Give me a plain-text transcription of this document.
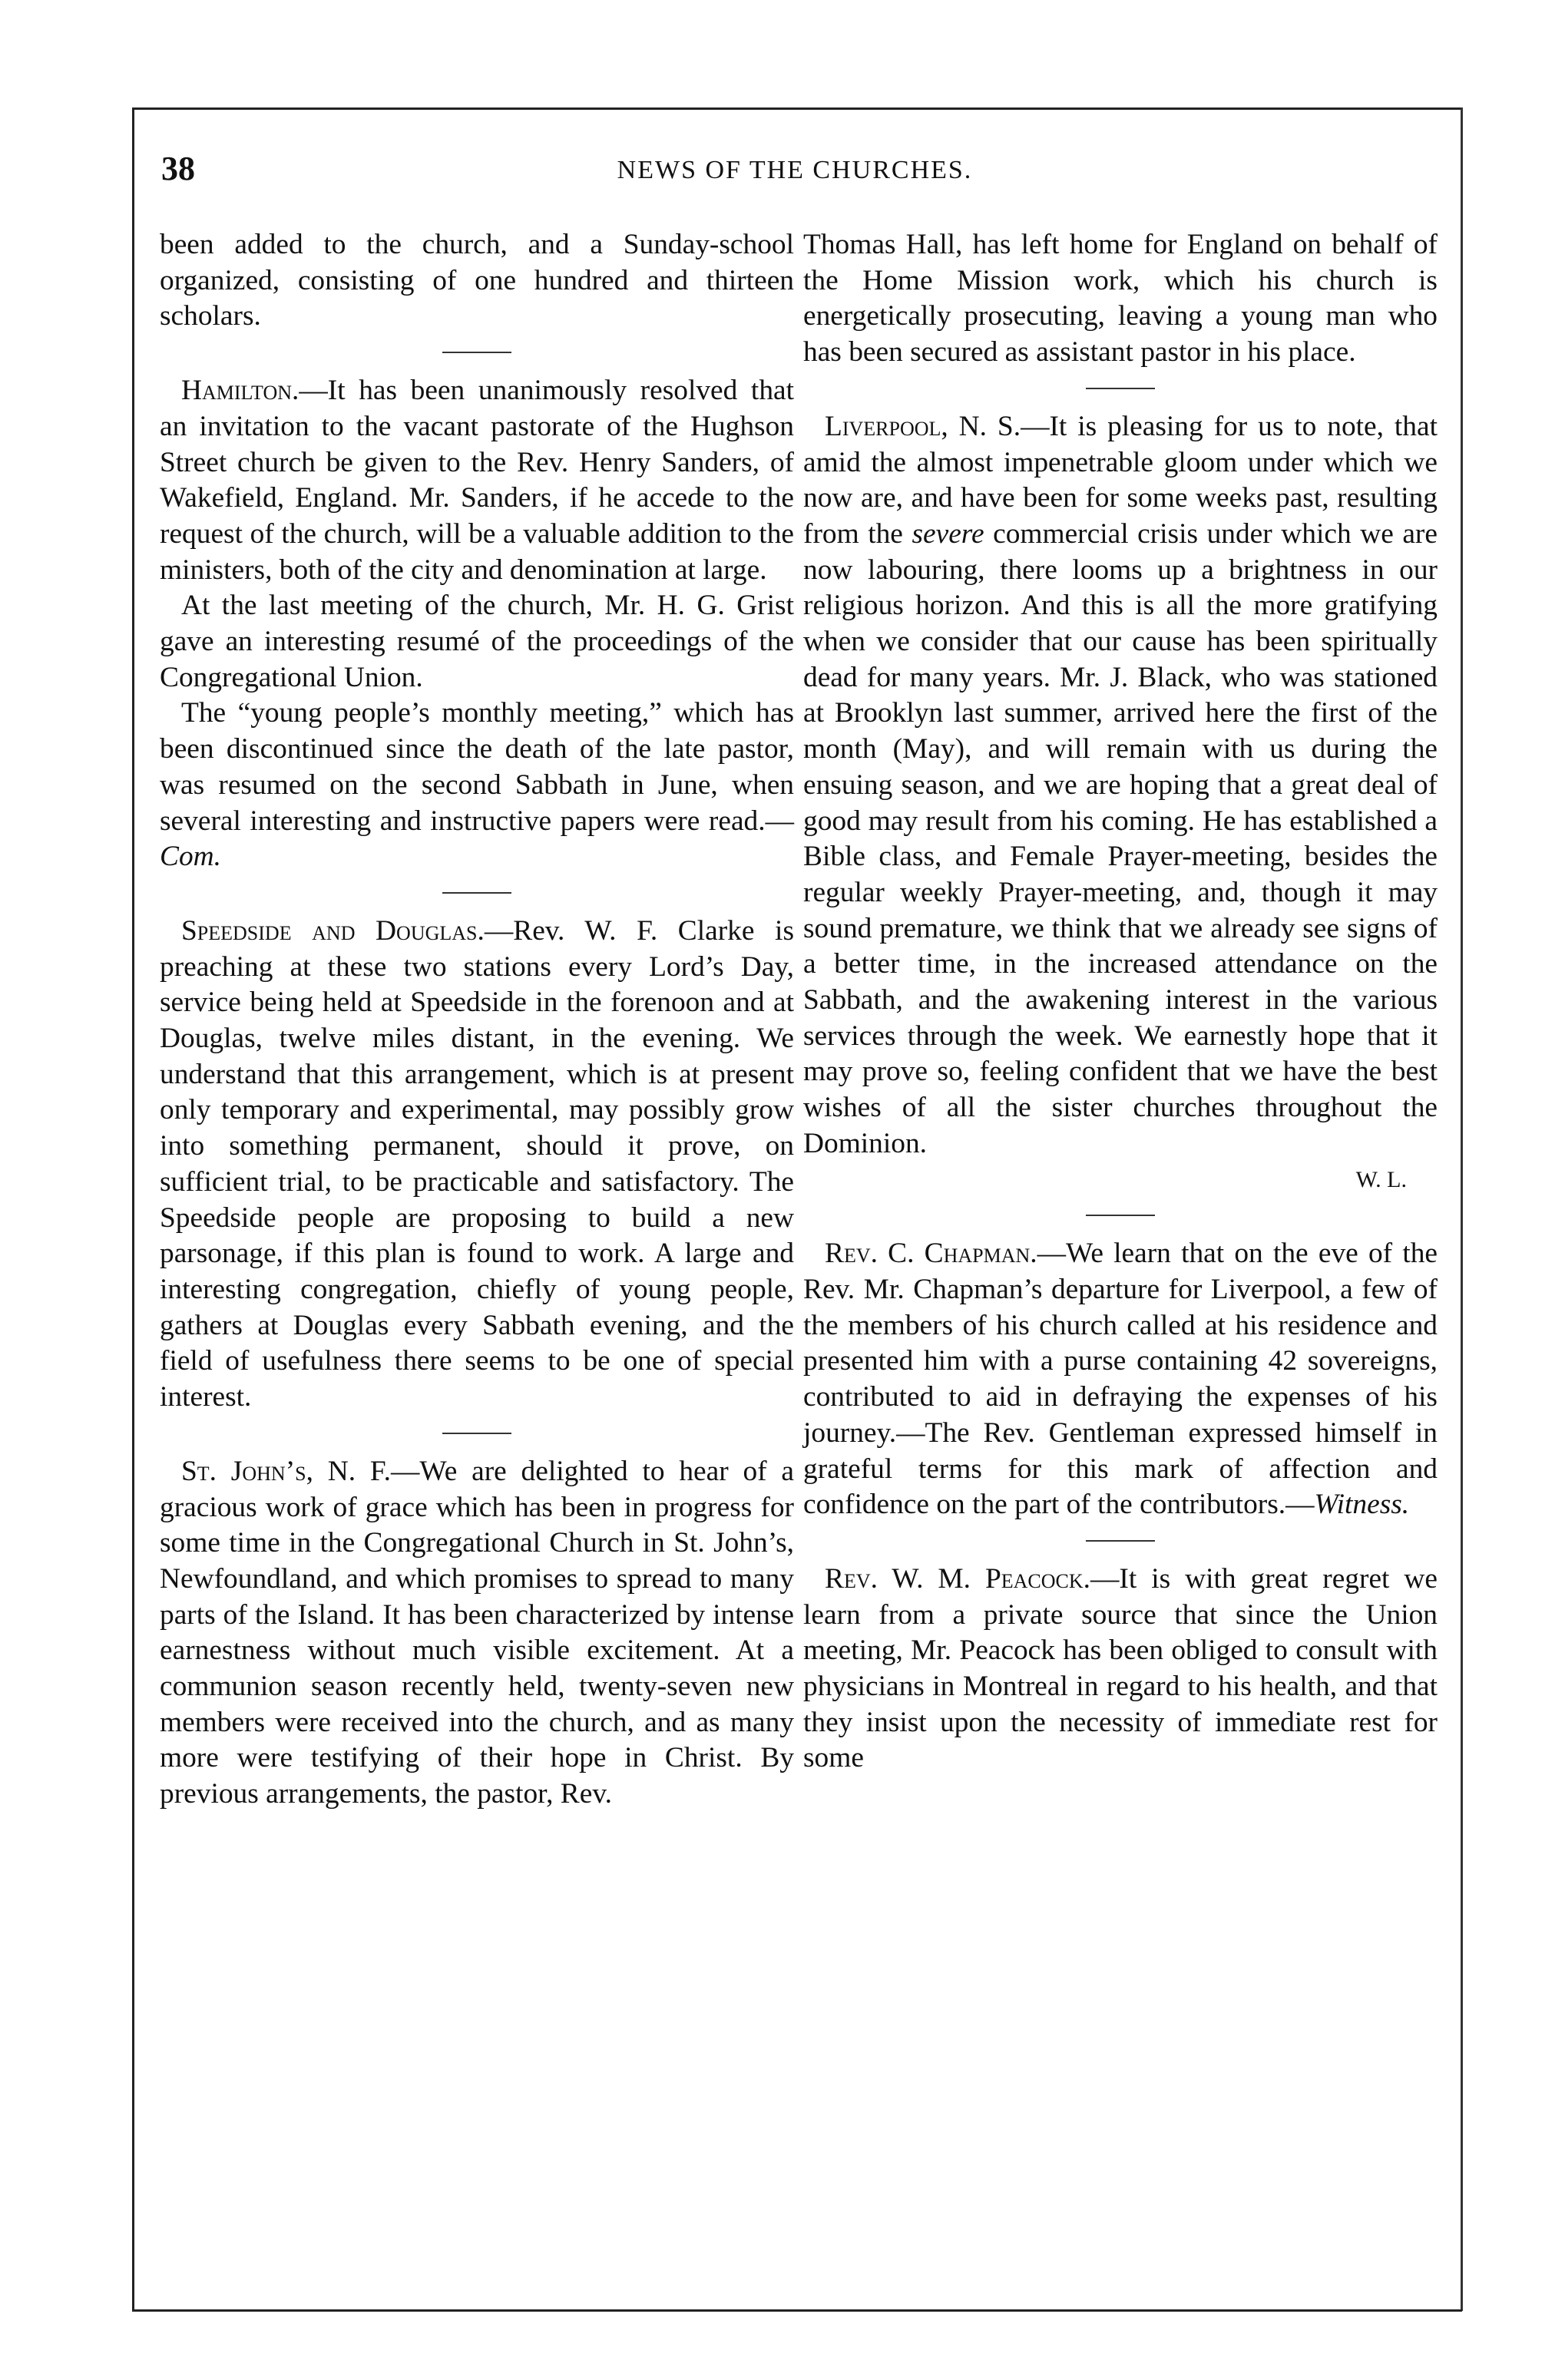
38	NEWS OF THE CHURCHES.

been added to the church, and a Sunday-school organized, consisting of one hundred and thirteen scholars.

Hamilton.—It has been unanimously resolved that an invitation to the vacant pastorate of the Hughson Street church be given to the Rev. Henry Sanders, of Wakefield, England. Mr. Sanders, if he accede to the request of the church, will be a valuable addition to the ministers, both of the city and denomination at large.

At the last meeting of the church, Mr. H. G. Grist gave an interesting resumé of the proceedings of the Congregational Union.

The “young people’s monthly meeting,” which has been discontinued since the death of the late pastor, was resumed on the second Sabbath in June, when several interesting and instructive papers were read.—Com.

Speedside and Douglas.—Rev. W. F. Clarke is preaching at these two stations every Lord’s Day, service being held at Speedside in the forenoon and at Douglas, twelve miles distant, in the evening. We understand that this arrangement, which is at present only temporary and experimental, may possibly grow into something permanent, should it prove, on sufficient trial, to be practicable and satisfactory. The Speedside people are proposing to build a new parsonage, if this plan is found to work. A large and interesting congregation, chiefly of young people, gathers at Douglas every Sabbath evening, and the field of usefulness there seems to be one of special interest.

St. John’s, N. F.—We are delighted to hear of a gracious work of grace which has been in progress for some time in the Congregational Church in St. John’s, Newfoundland, and which promises to spread to many parts of the Island. It has been characterized by intense earnestness without much visible excitement. At a communion season recently held, twenty-seven new members were received into the church, and as many more were testifying of their hope in Christ. By previous arrangements, the pastor, Rev.

Thomas Hall, has left home for England on behalf of the Home Mission work, which his church is energetically prosecuting, leaving a young man who has been secured as assistant pastor in his place.

Liverpool, N. S.—It is pleasing for us to note, that amid the almost impenetrable gloom under which we now are, and have been for some weeks past, resulting from the severe commercial crisis under which we are now labouring, there looms up a brightness in our religious horizon. And this is all the more gratifying when we consider that our cause has been spiritually dead for many years. Mr. J. Black, who was stationed at Brooklyn last summer, arrived here the first of the month (May), and will remain with us during the ensuing season, and we are hoping that a great deal of good may result from his coming. He has established a Bible class, and Female Prayer-meeting, besides the regular weekly Prayer-meeting, and, though it may sound premature, we think that we already see signs of a better time, in the increased attendance on the Sabbath, and the awakening interest in the various services through the week. We earnestly hope that it may prove so, feeling confident that we have the best wishes of all the sister churches throughout the Dominion.

W. L.

Rev. C. Chapman.—We learn that on the eve of the Rev. Mr. Chapman’s departure for Liverpool, a few of the members of his church called at his residence and presented him with a purse containing 42 sovereigns, contributed to aid in defraying the expenses of his journey.—The Rev. Gentleman expressed himself in grateful terms for this mark of affection and confidence on the part of the contributors.—Witness.

Rev. W. M. Peacock.—It is with great regret we learn from a private source that since the Union meeting, Mr. Peacock has been obliged to consult with physicians in Montreal in regard to his health, and that they insist upon the necessity of immediate rest for some
